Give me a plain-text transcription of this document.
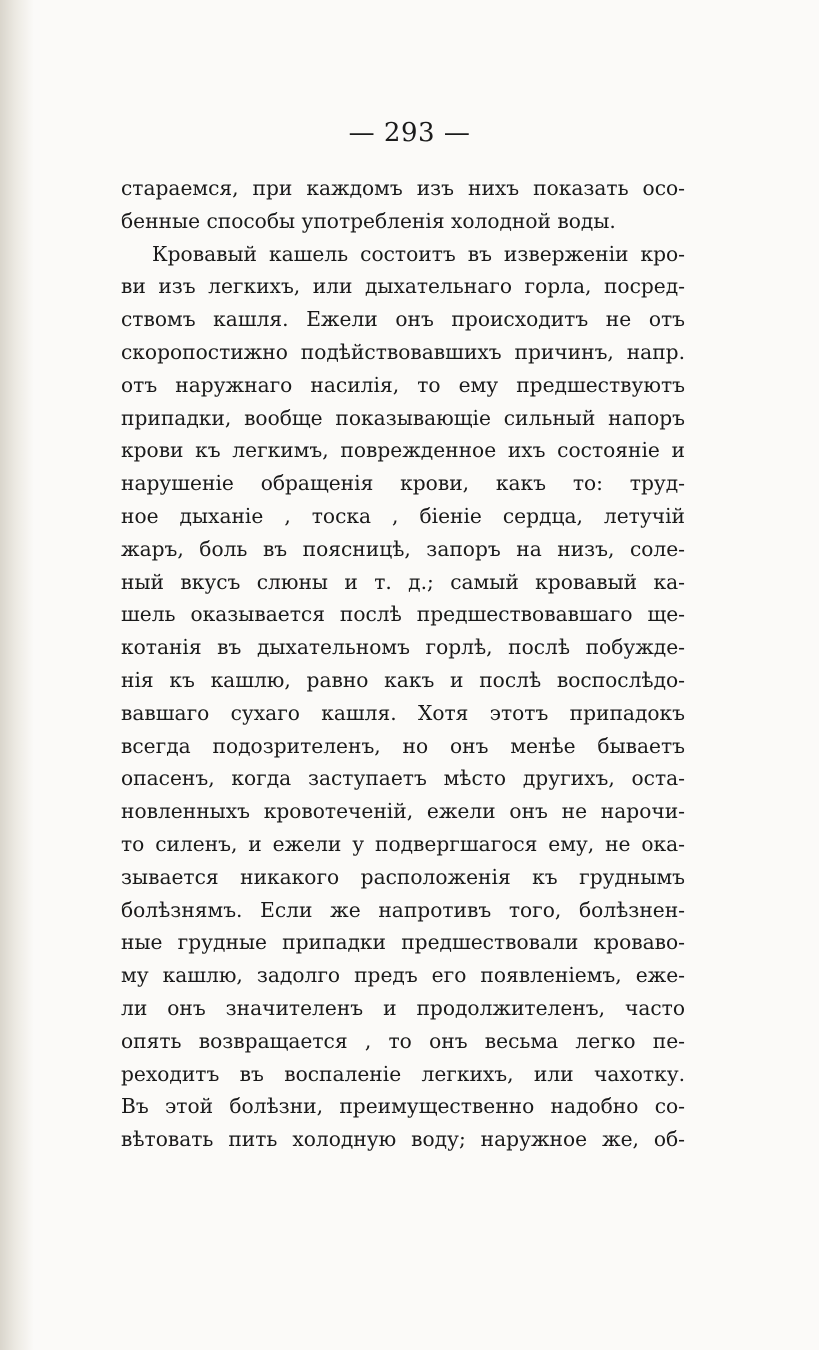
— 293 —
стараемся, при каждомъ изъ нихъ показать осо-
бенные способы употребленія холодной воды.
Кровавый кашель состоитъ въ изверженіи кро-
ви изъ легкихъ, или дыхательнаго горла, посред-
ствомъ кашля. Ежели онъ происходитъ не отъ
скоропостижно подѣйствовавшихъ причинъ, напр.
отъ наружнаго насилія, то ему предшествуютъ
припадки, вообще показывающіе сильный напоръ
крови къ легкимъ, поврежденное ихъ состояніе и
нарушеніе обращенія крови, какъ то: труд-
ное дыханіе , тоска , біеніе сердца, летучій
жаръ, боль въ поясницѣ, запоръ на низъ, соле-
ный вкусъ слюны и т. д.; самый кровавый ка-
шель оказывается послѣ предшествовавшаго ще-
котанія въ дыхательномъ горлѣ, послѣ побужде-
нія къ кашлю, равно какъ и послѣ воспослѣдо-
вавшаго сухаго кашля. Хотя этотъ припадокъ
всегда подозрителенъ, но онъ менѣе бываетъ
опасенъ, когда заступаетъ мѣсто другихъ, оста-
новленныхъ кровотеченій, ежели онъ не нарочи-
то силенъ, и ежели у подвергшагося ему, не ока-
зывается никакого расположенія къ груднымъ
болѣзнямъ. Если же напротивъ того, болѣзнен-
ные грудные припадки предшествовали кроваво-
му кашлю, задолго предъ его появленіемъ, ежe-
ли онъ значителенъ и продолжителенъ, часто
опять возвращается , то онъ весьма легко пе-
реходитъ въ воспаленіе легкихъ, или чахотку.
Въ этой болѣзни, преимущественно надобно со-
вѣтовать пить холодную воду; наружное же, об-
